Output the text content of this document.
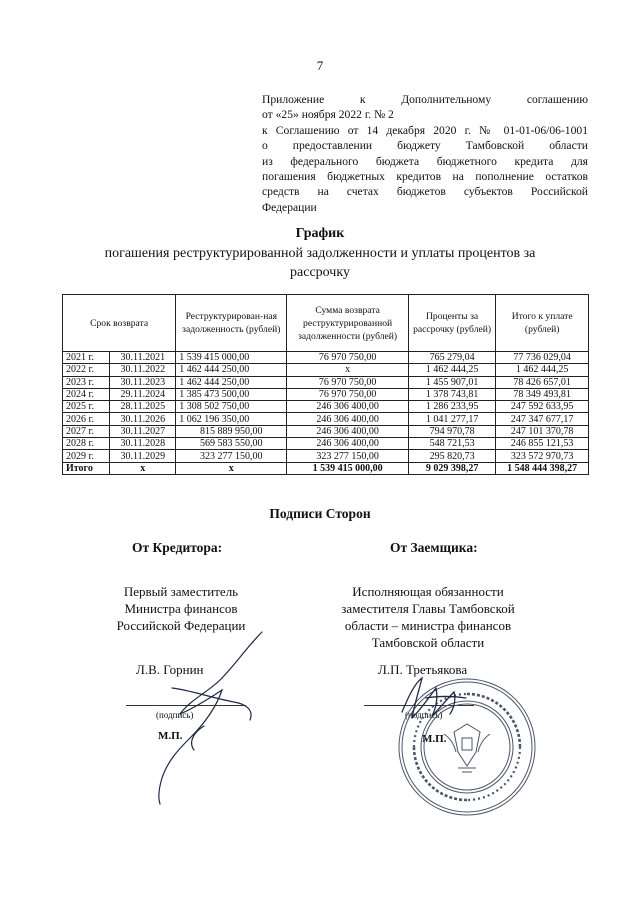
7
Приложение к Дополнительному соглашению
от «25» ноября 2022 г. № 2
к Соглашению от 14 декабря 2020 г. № 01-01-06/06-1001
о предоставлении бюджету Тамбовской области
из федерального бюджета бюджетного кредита для
погашения бюджетных кредитов на пополнение остатков
средств на счетах бюджетов субъектов Российской
Федерации
График
погашения реструктурированной задолженности и уплаты процентов за рассрочку
Срок возврата		Реструктурирован-ная задолженность (рублей)	Сумма возврата реструктурированной задолженности (рублей)	Проценты за рассрочку (рублей)	Итого к уплате (рублей)
2021 г.	30.11.2021	1 539 415 000,00	76 970 750,00	765 279,04	77 736 029,04
2022 г.	30.11.2022	1 462 444 250,00	х	1 462 444,25	1 462 444,25
2023 г.	30.11.2023	1 462 444 250,00	76 970 750,00	1 455 907,01	78 426 657,01
2024 г.	29.11.2024	1 385 473 500,00	76 970 750,00	1 378 743,81	78 349 493,81
2025 г.	28.11.2025	1 308 502 750,00	246 306 400,00	1 286 233,95	247 592 633,95
2026 г.	30.11.2026	1 062 196 350,00	246 306 400,00	1 041 277,17	247 347 677,17
2027 г.	30.11.2027	815 889 950,00	246 306 400,00	794 970,78	247 101 370,78
2028 г.	30.11.2028	569 583 550,00	246 306 400,00	548 721,53	246 855 121,53
2029 г.	30.11.2029	323 277 150,00	323 277 150,00	295 820,73	323 572 970,73
Итого	х	х	1 539 415 000,00	9 029 398,27	1 548 444 398,27
Подписи Сторон
От Кредитора:	От Заемщика:
Первый заместитель Министра финансов Российской Федерации
Исполняющая обязанности заместителя Главы Тамбовской области – министра финансов Тамбовской области
Л.В. Горнин	Л.П. Третьякова
(подпись)	(подпись)
М.П.	М.П.
